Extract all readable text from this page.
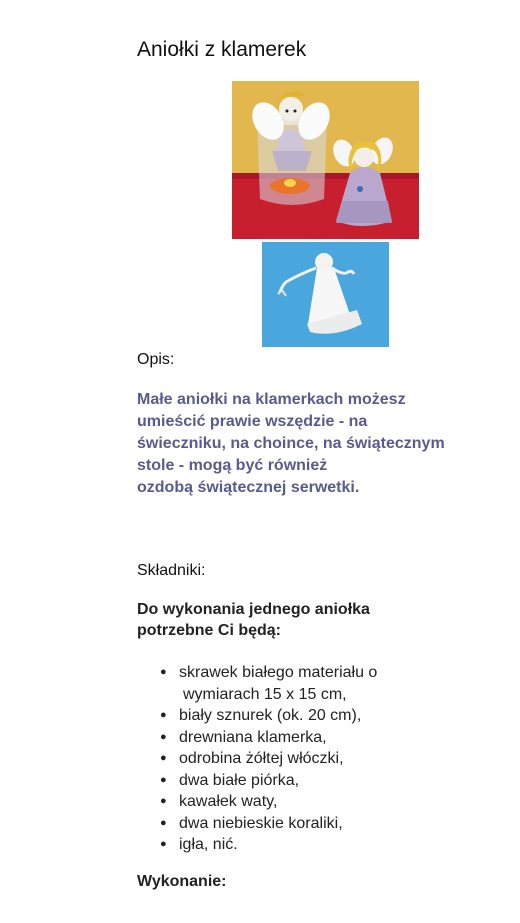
Aniołki z klamerek
Opis:
Małe aniołki na klamerkach możesz
umieścić prawie wszędzie - na
świeczniku, na choince, na świątecznym
stole - mogą być również
ozdobą świątecznej serwetki.
Składniki:
Do wykonania jednego aniołka
potrzebne Ci będą:
● skrawek białego materiału o
wymiarach 15 x 15 cm,
● biały sznurek (ok. 20 cm),
● drewniana klamerka,
● odrobina żółtej włóczki,
● dwa białe piórka,
● kawałek waty,
● dwa niebieskie koraliki,
● igła, nić.
Wykonanie:
